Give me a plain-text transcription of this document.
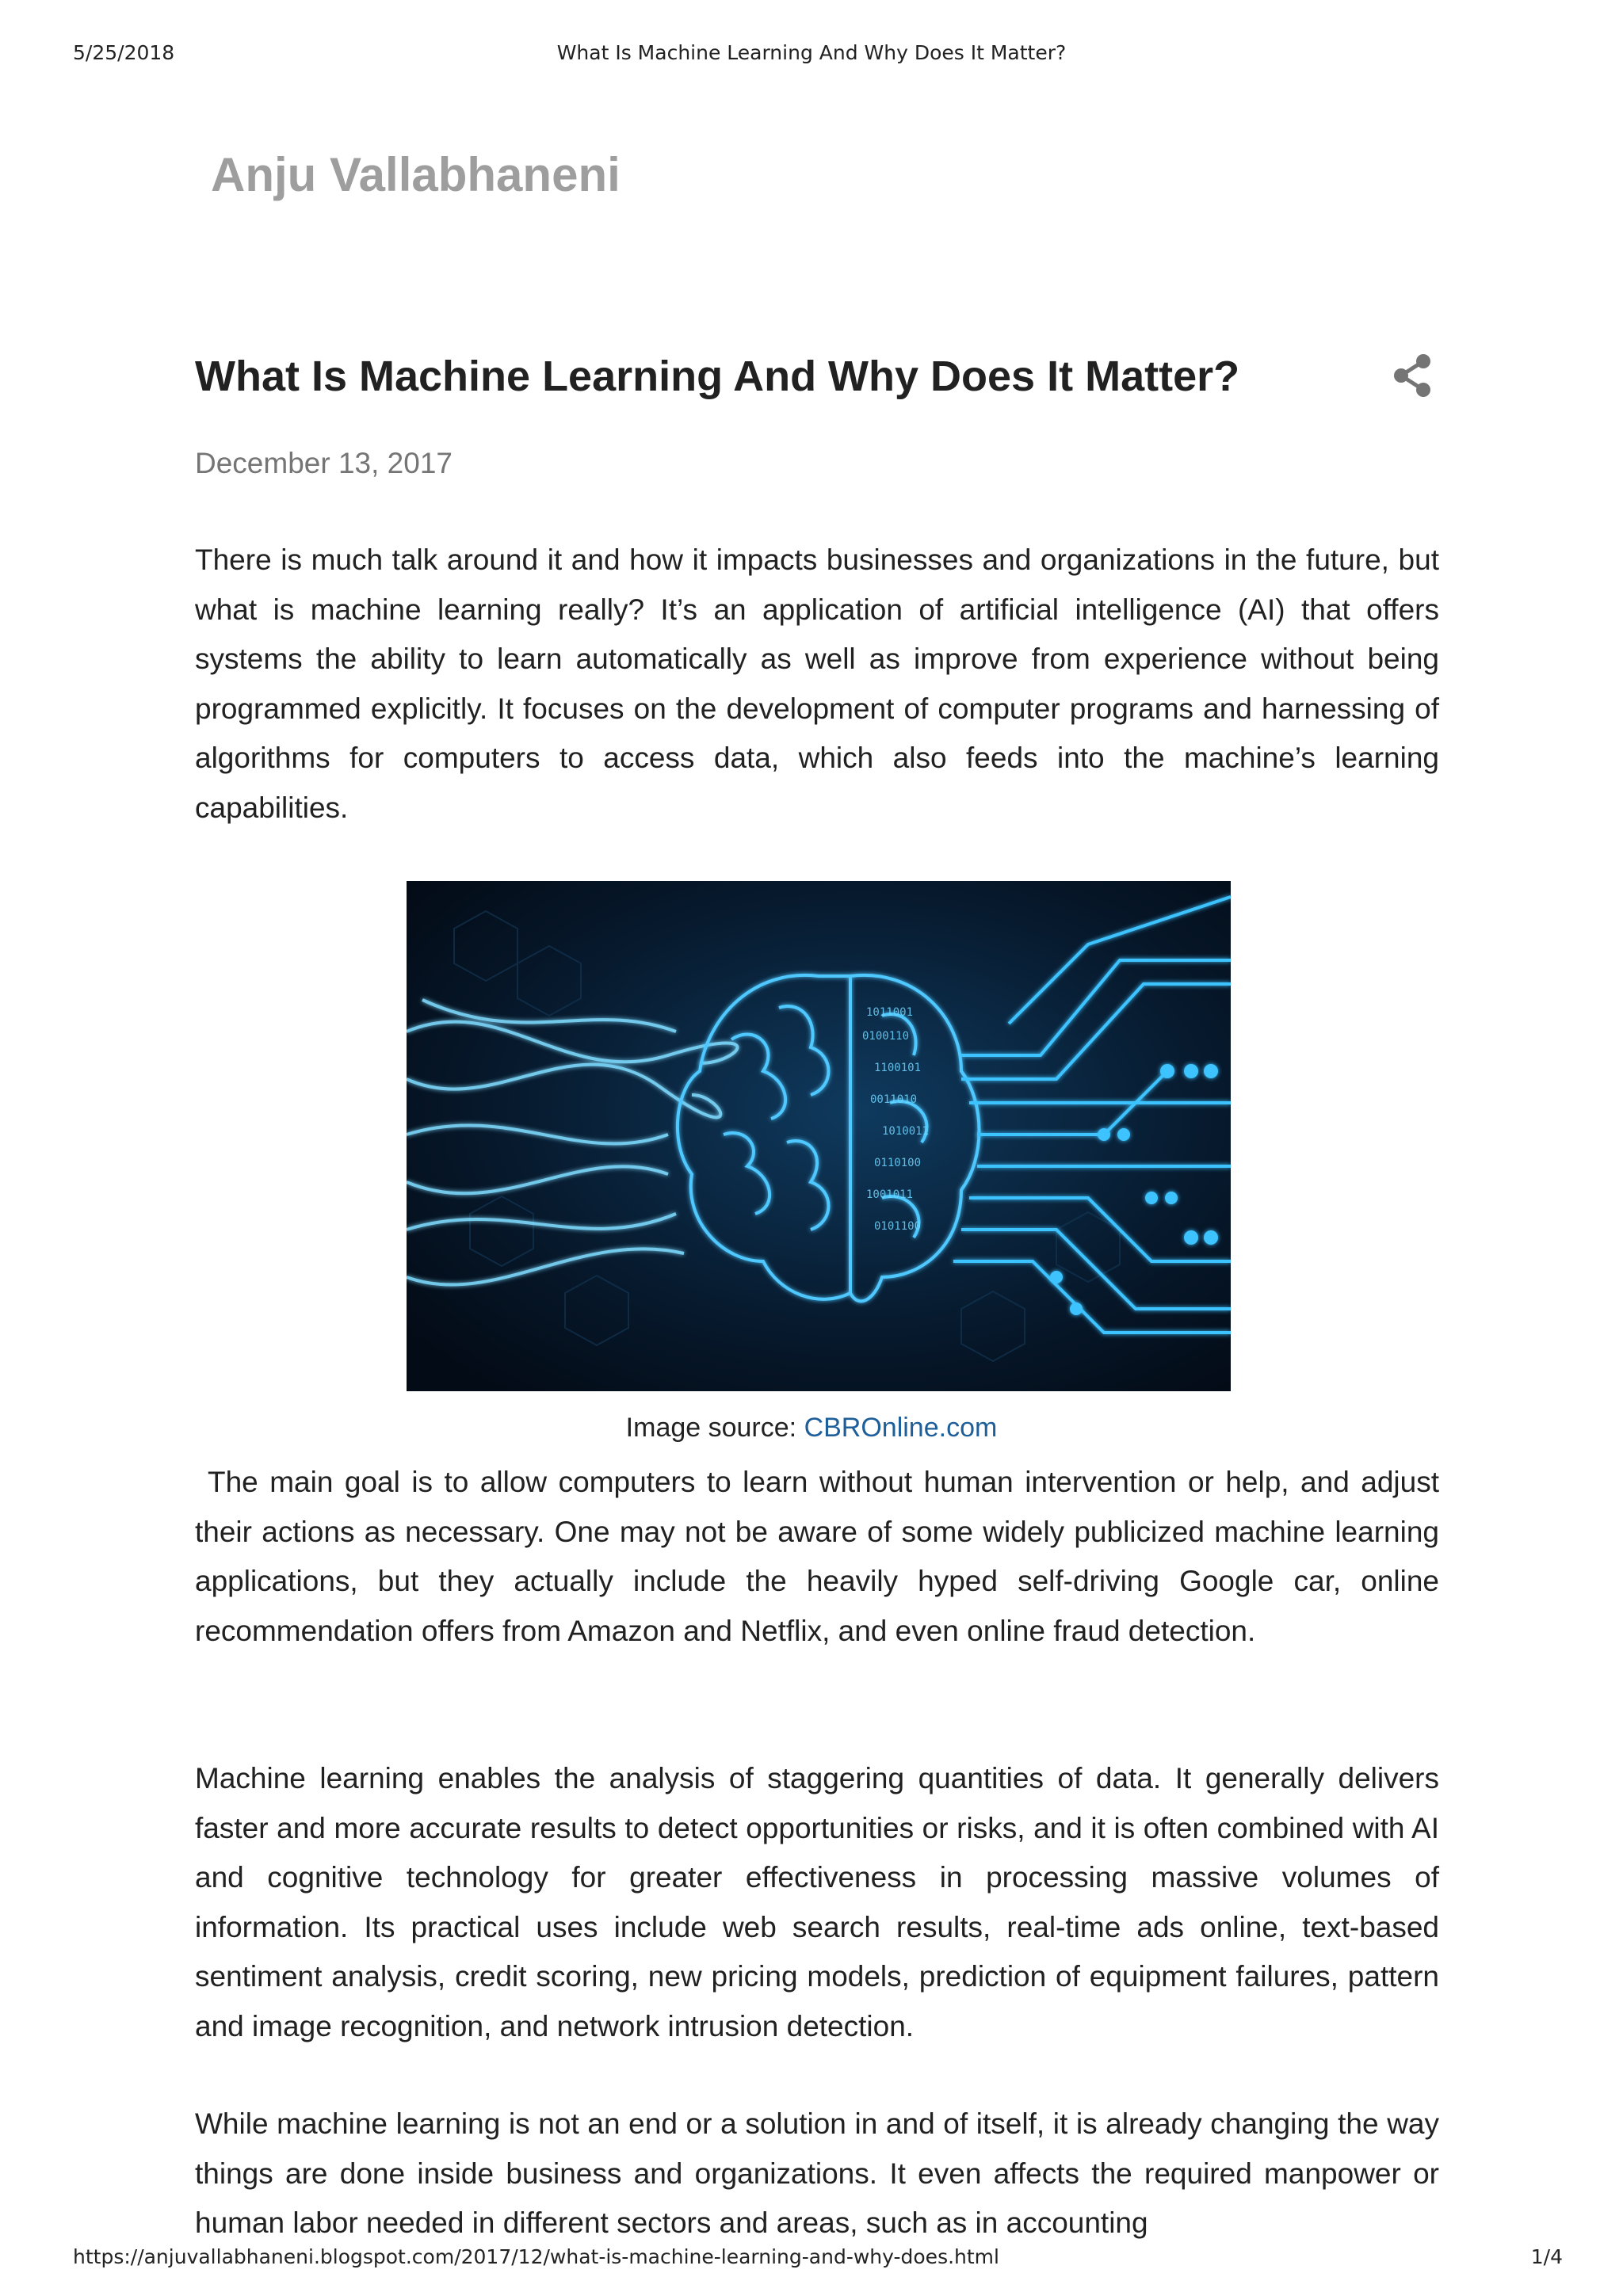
5/25/2018	What Is Machine Learning And Why Does It Matter?
Anju Vallabhaneni
What Is Machine Learning And Why Does It Matter?
December 13, 2017

There is much talk around it and how it impacts businesses and organizations in the future, but what is machine learning really? It’s an application of artificial intelligence (AI) that offers systems the ability to learn automatically as well as improve from experience without being programmed explicitly. It focuses on the development of computer programs and harnessing of algorithms for computers to access data, which also feeds into the machine’s learning capabilities.

1011001
0100110
1100101
0011010
1010011
0110100
1001011
0101100
Image source: CBROnline.com

The main goal is to allow computers to learn without human intervention or help, and adjust their actions as necessary. One may not be aware of some widely publicized machine learning applications, but they actually include the heavily hyped self-driving Google car, online recommendation offers from Amazon and Netflix, and even online fraud detection.

Machine learning enables the analysis of staggering quantities of data. It generally delivers faster and more accurate results to detect opportunities or risks, and it is often combined with AI and cognitive technology for greater effectiveness in processing massive volumes of information. Its practical uses include web search results, real-time ads online, text-based sentiment analysis, credit scoring, new pricing models, prediction of equipment failures, pattern and image recognition, and network intrusion detection.

While machine learning is not an end or a solution in and of itself, it is already changing the way things are done inside business and organizations. It even affects the required manpower or human labor needed in different sectors and areas, such as in accounting

https://anjuvallabhaneni.blogspot.com/2017/12/what-is-machine-learning-and-why-does.html	1/4
